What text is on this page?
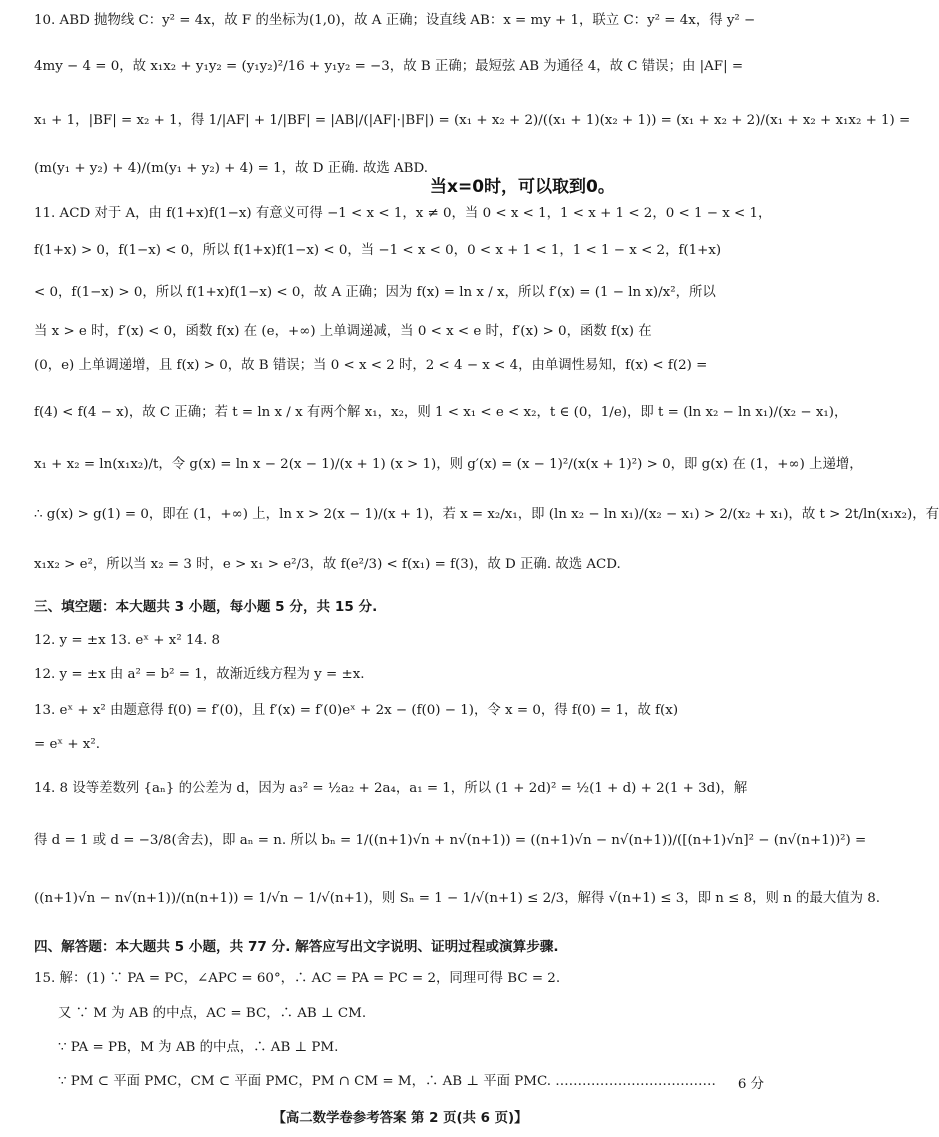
10. ABD 抛物线 C：y² = 4x，故 F 的坐标为(1,0)，故 A 正确；设直线 AB：x = my + 1，联立 C：y² = 4x，得 y² −
4my − 4 = 0，故 x₁x₂ + y₁y₂ = (y₁y₂)²/16 + y₁y₂ = −3，故 B 正确；最短弦 AB 为通径 4，故 C 错误；由 |AF| =
x₁ + 1，|BF| = x₂ + 1，得 1/|AF| + 1/|BF| = |AB|/(|AF|·|BF|) = (x₁ + x₂ + 2)/((x₁ + 1)(x₂ + 1)) = (x₁ + x₂ + 2)/(x₁ + x₂ + x₁x₂ + 1) =
(m(y₁ + y₂) + 4)/(m(y₁ + y₂) + 4) = 1，故 D 正确. 故选 ABD.
当x=0时，可以取到0。
11. ACD 对于 A，由 f(1+x)f(1−x) 有意义可得 −1 < x < 1，x ≠ 0，当 0 < x < 1，1 < x + 1 < 2，0 < 1 − x < 1，
f(1+x) > 0，f(1−x) < 0，所以 f(1+x)f(1−x) < 0，当 −1 < x < 0，0 < x + 1 < 1，1 < 1 − x < 2，f(1+x)
< 0，f(1−x) > 0，所以 f(1+x)f(1−x) < 0，故 A 正确；因为 f(x) = ln x / x，所以 f′(x) = (1 − ln x)/x²，所以
当 x > e 时，f′(x) < 0，函数 f(x) 在 (e，+∞) 上单调递减，当 0 < x < e 时，f′(x) > 0，函数 f(x) 在
(0，e) 上单调递增，且 f(x) > 0，故 B 错误；当 0 < x < 2 时，2 < 4 − x < 4，由单调性易知，f(x) < f(2) =
f(4) < f(4 − x)，故 C 正确；若 t = ln x / x 有两个解 x₁，x₂，则 1 < x₁ < e < x₂，t ∈ (0，1/e)，即 t = (ln x₂ − ln x₁)/(x₂ − x₁)，
x₁ + x₂ = ln(x₁x₂)/t，令 g(x) = ln x − 2(x − 1)/(x + 1) (x > 1)，则 g′(x) = (x − 1)²/(x(x + 1)²) > 0，即 g(x) 在 (1，+∞) 上递增，
∴ g(x) > g(1) = 0，即在 (1，+∞) 上，ln x > 2(x − 1)/(x + 1)，若 x = x₂/x₁，即 (ln x₂ − ln x₁)/(x₂ − x₁) > 2/(x₂ + x₁)，故 t > 2t/ln(x₁x₂)，有
x₁x₂ > e²，所以当 x₂ = 3 时，e > x₁ > e²/3，故 f(e²/3) < f(x₁) = f(3)，故 D 正确. 故选 ACD.
三、填空题：本大题共 3 小题，每小题 5 分，共 15 分.
12. y = ±x 13. eˣ + x² 14. 8
12. y = ±x 由 a² = b² = 1，故渐近线方程为 y = ±x.
13. eˣ + x² 由题意得 f(0) = f′(0)，且 f′(x) = f′(0)eˣ + 2x − (f(0) − 1)，令 x = 0，得 f(0) = 1，故 f(x)
= eˣ + x².
14. 8 设等差数列 {aₙ} 的公差为 d，因为 a₃² = ½a₂ + 2a₄，a₁ = 1，所以 (1 + 2d)² = ½(1 + d) + 2(1 + 3d)，解
得 d = 1 或 d = −3/8(舍去)，即 aₙ = n. 所以 bₙ = 1/((n+1)√n + n√(n+1)) = ((n+1)√n − n√(n+1))/([(n+1)√n]² − (n√(n+1))²) =
((n+1)√n − n√(n+1))/(n(n+1)) = 1/√n − 1/√(n+1)，则 Sₙ = 1 − 1/√(n+1) ≤ 2/3，解得 √(n+1) ≤ 3，即 n ≤ 8，则 n 的最大值为 8.
四、解答题：本大题共 5 小题，共 77 分. 解答应写出文字说明、证明过程或演算步骤.
15. 解：(1) ∵ PA = PC，∠APC = 60°，∴ AC = PA = PC = 2，同理可得 BC = 2.
又 ∵ M 为 AB 的中点，AC = BC，∴ AB ⊥ CM.
∵ PA = PB，M 为 AB 的中点，∴ AB ⊥ PM.
∵ PM ⊂ 平面 PMC，CM ⊂ 平面 PMC，PM ∩ CM = M，∴ AB ⊥ 平面 PMC. ………………………………	6 分
【高二数学卷参考答案 第 2 页(共 6 页)】
